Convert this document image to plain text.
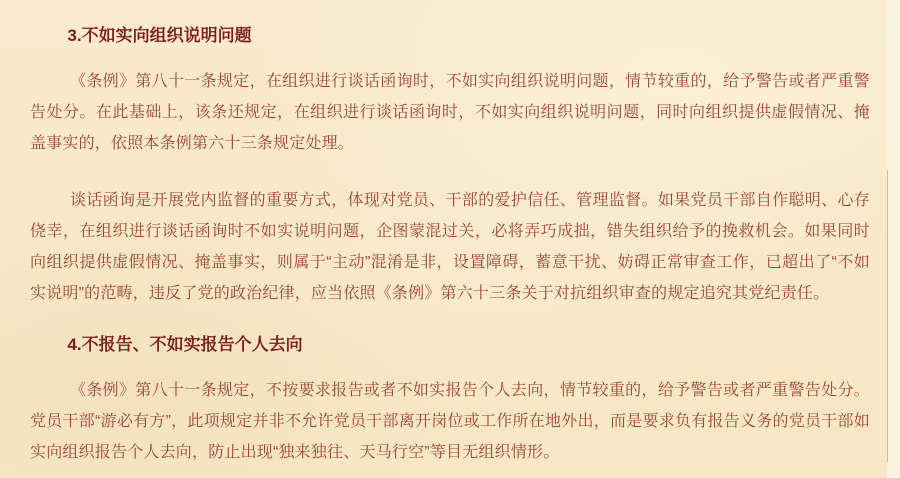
3.不如实向组织说明问题

《条例》第八十一条规定，在组织进行谈话函询时，不如实向组织说明问题，情节较重的，给予警告或者严重警告处分。在此基础上，该条还规定，在组织进行谈话函询时，不如实向组织说明问题，同时向组织提供虚假情况、掩盖事实的，依照本条例第六十三条规定处理。

谈话函询是开展党内监督的重要方式，体现对党员、干部的爱护信任、管理监督。如果党员干部自作聪明、心存侥幸，在组织进行谈话函询时不如实说明问题，企图蒙混过关，必将弄巧成拙，错失组织给予的挽救机会。如果同时向组织提供虚假情况、掩盖事实，则属于“主动”混淆是非，设置障碍，蓄意干扰、妨碍正常审查工作，已超出了“不如实说明”的范畴，违反了党的政治纪律，应当依照《条例》第六十三条关于对抗组织审查的规定追究其党纪责任。

4.不报告、不如实报告个人去向

《条例》第八十一条规定，不按要求报告或者不如实报告个人去向，情节较重的，给予警告或者严重警告处分。党员干部“游必有方”，此项规定并非不允许党员干部离开岗位或工作所在地外出，而是要求负有报告义务的党员干部如实向组织报告个人去向，防止出现“独来独往、天马行空”等目无组织情形。
